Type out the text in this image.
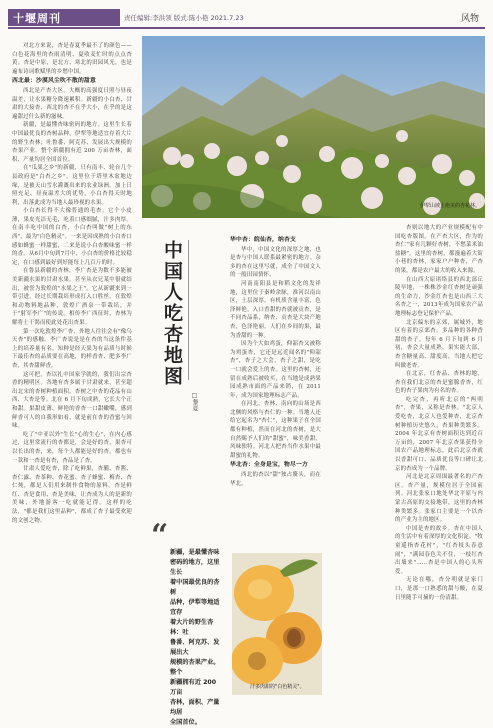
十堰周刊	责任编辑:李洪领 版式:陈小艳 2021.7.23	风物

对北方来说，杏是春夏季最不了的颜色——白色花海里的杏雨清明、夏收麦忙时的点点杏黄。杏是中原，是北方、寒北的田园风光，也是遍布诗词歌赋里的乡愁中国。

西北最：沙漠风尘吹不散的甜意

西北是产杏大区。大概的高强度日照与昼夜温差，让水果糖分降速累积。新疆的小白杏、甘肃的大接杏、西北的杏不在乎大小，在乎的是这遍甜过什么新的滋味。

新疆，是最懂杏味密码的地方。这里生长着中国最优良的杏树品种，伊犁等地适宜存着大片的野生杏林；吐鲁番、阿克苏、发展出大规模的杏果产业。整个新疆拥有近 200 万亩杏林，面积、产量均居全国首位。

在"瓜果之乡"的新疆，只有南丰、轮台几个县政府是"白杏之乡"。这里位于塔里木盆地边缘，是被天山雪水灌溉出来的农业绿洲。加上日照充足、昼夜温差大的优势，小白杏得天时地利，出落此成为当地人最珍视的水果。

小白杏长得不大像普通的毛杏。它个小皮薄，果皮光洁无毛，吃着口感细腻，汁多肉厚。在南丰吃中国的白杏，小白杏叫做"树上的东西"，最为"白色精灵"。一来是因成熟的小白杏口感如蜂蜜一样甜蜜，二来是说小白杏酸味蜜一样的香。从6月中旬到7月中，小白杏的价格比较稳定，在口感到最好到好能每上几百斤的时。

在鲁县新疆的杏林，李广杏是为数不多能被美新疆水果的甘肃水果。甚至从衣兄某中很就结出，被誉为敦煌的"水果之王"。它从新疆来到一带引进，经过长期栽培形成打入口胜丝。在敦煌和动物料地品种，敦煌广酒泉一带栽培，并于"射军李广"的传说。相传李广西征时，杏林为解将士干渴而使此处花出杏果。

第一次吃敦煌李广杏，外地人往往会有"像乌天杏"的感触。李广杏说是是在杏的当这条件基上的培养量有名。知种是经天果为有品质与时候下最佳杏的品质要在高地，的样香杏、肥多李广杏，其杏甜鲜香。

这可把，杏以扎中国家学就的，我们出宗杏香的精明区。各地有杏多属于甘肃就来，甚至超出北宋的杏树种植面积。杏树之中杏的花品有山西、大杏是等。北在 6 月下旬成熟，它长大个正和甜。果甜皮薄、鲜艳的香杏一口甜嫩嘴，感到鲜香可人的自我形如看，就是前在杏的香蜜与回味。

吃了"中亚以外"生长"心的生心"，在内心感过，这里常流行的杏都是，会是好的杏，果杏可以长出的杏，来，每个人都能是好的杏。都也有一款和一杏是有杏，杏品是了杏。

甘肃人爱吃杏，除了吃鲜果，杏脯、杏酱、杏仁露、杏茶种、杏花蜜、杏子蜂蜜、梅杏、杏仁炖，都是人们用来制作食物的原料。杏是鲜红、杏是食用、杏是美味，让杏成为人的是新的美味，外地游客一吃就能记得。这样的吃法，"都是我们这里品种"，都成了杏子最受欢迎的文创之物。

伊犁山坡上绝美的杏花林。
中国人吃杏地图
□黎夏
华中杏：皖仙杏，纳杏支

华中，中国文化的深厚之地，也是杏与中国人联系最紧密的地方。杂多的杏在这里写就，成全了中国文人的一般田园情怀。

河南南阳县是和稻文化的发祥地，这里位于秦岭余脉，淮河以南山区，土层深厚，有机质含量丰富，色泽鲜艳，入口香甜的杏就被贡杏，是不同杏品系，纳杏、贡杏是大块产地杏，色泽艳丽，人们在乡间的果，最为香甜的一种。

因为个大如鸡蛋，仰韶杏又被称为鸡蛋杏，它还是远近闻名的"仰韶杏"，杏子之大会，杏子之甜，是吃一口就会爱上的杏。这里的杏树，还留在成熟后被收买，在当地是成熟果园成熟市面的产品来销，在 2011 年，成为国家地理标志产品。

在河北，杏林、南向的山场是西北侧的风格与杏仁的一种。当地人还给它起名为"杏仁"，这种果子在全国都有种植，然而在河北的杏树，是大自然赐予人们的"甜蜜"，味美香甜，风味独特。河北人把杏当作水果中最甜蜜的礼物。

华北杏：全身是宝，物尽一方

西北的杏以"甜"独占鳌头，而在华北，

杏则以地大的产业规模配有中国吃杏版图。在产杏大区，作为的杏仁"家有几颗好杏树，不愁菜米油盐糖"。这里的杏树，都漫遍着大街小巷的杏林，家家户户种杏，产杏的果，都是农户最大的收入来源。

在山西大原诸络县的西北部丘陵早地，一株株沙金红杏树是顽强的生命力，沙金红杏也是山西三大名杏之一，2013年成为国家农产品地理标志登记保护产品。

北京偏东的京郊，属城外，地区有着的京郊杏，多品种的各种香甜的杏子。每年 6 月下旬到 6 月初，杏会大量成熟，果实能大部，杏含糖量高、甜度高，当地人把它叫做老杏。

在北京，红杏品、杏林的地，杏在我们北京的杏是蜜腺香杏，红色的杏子果肉为有名的杏。

吃完杏，再听北京的"两明杏"，杏果，又称是杏林。"北京人爱吃杏，北京人也爱种杏，北京杏树种植历史悠久，杏果种类繁多。2004 年北京有杏树面积达到近百万亩的，2007 年北京杏果获得全国农产品地理标志，此后北京杏就以香甜可口、品质优良等口碑让北京的杏成为一个品牌。

河北是北京周围最著名的产杏区。杏产量，规模位居于全国前列。河北张家口地处华北平原与内蒙古高原的交接地带，这里的杏林种类繁多。张家口主要是一个以杏的产业为主的地区。

中国是杏的故乡。杏在中国人的生活中有着深厚的文化积淀。"牧童遥指杏花村"，"红杏枝头春意闹"，"满园春色关不住，一枝红杏出墙来"……杏是中国人的心头所爱。

无论在哪，杏分明就是家门口，是那一口熟悉的甜与酸，在夏日里随手可摘的一份清甜。

“ 新疆，是最懂杏味
密码的地方，这里生长
着中国最优良的杏树
品种，伊犁等地适宜存
着大片的野生杏林：吐
鲁番、阿克苏、发展出大
规模的杏果产业。整个
新疆拥有近 200 万亩
杏林，面积、产量均居
全国首位。
汁多肉甜的"白色精灵"。
